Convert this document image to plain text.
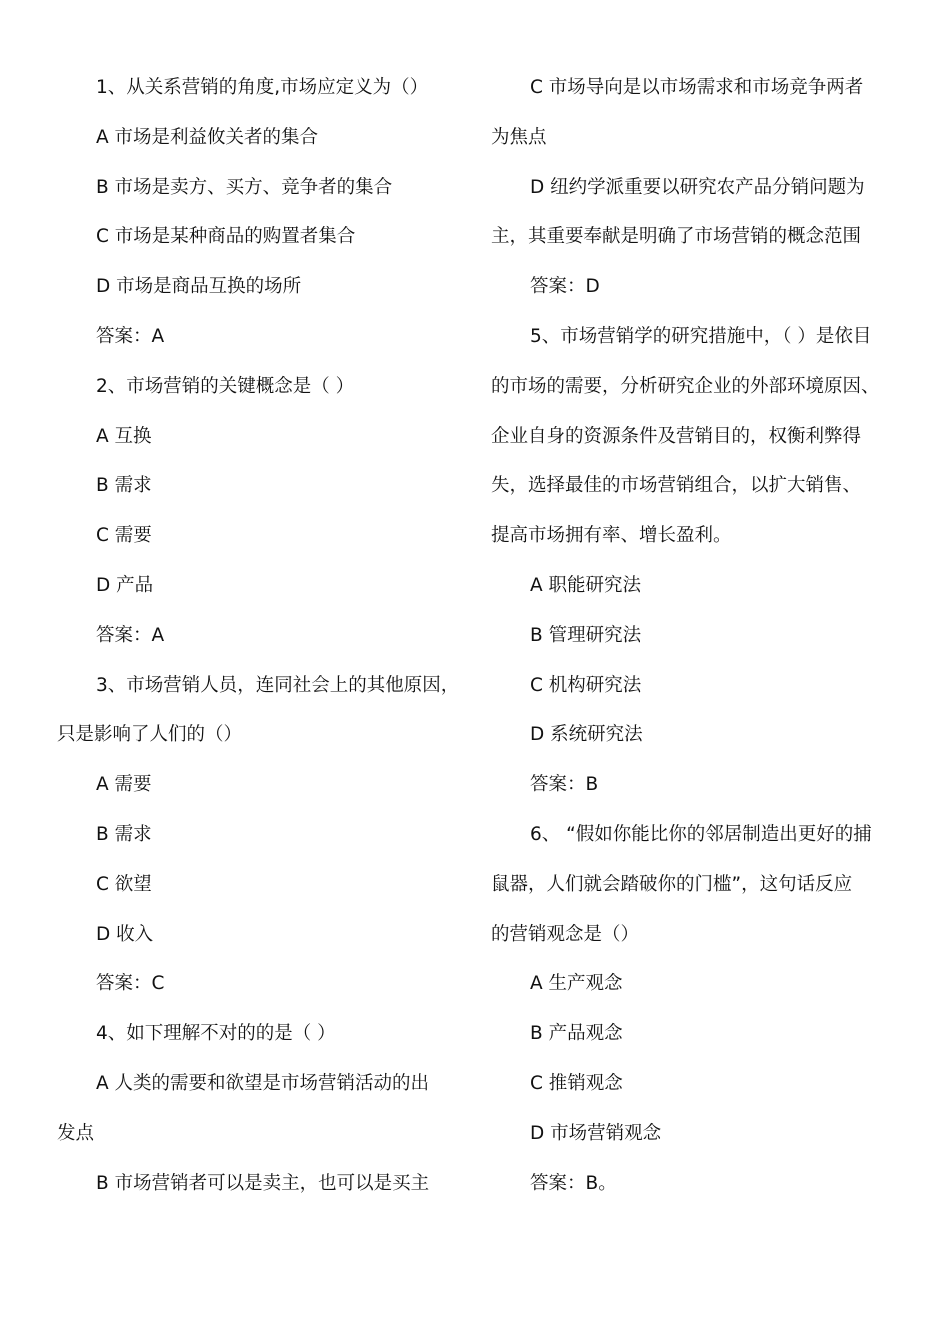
1、从关系营销的角度,市场应定义为（）
A 市场是利益攸关者的集合
B 市场是卖方、买方、竞争者的集合
C 市场是某种商品的购置者集合
D 市场是商品互换的场所
答案：A
2、市场营销的关键概念是（ ）
A 互换
B 需求
C 需要
D 产品
答案：A
3、市场营销人员，连同社会上的其他原因，
只是影响了人们的（）
A 需要
B 需求
C 欲望
D 收入
答案：C
4、如下理解不对的的是（ ）
A 人类的需要和欲望是市场营销活动的出
发点
B 市场营销者可以是卖主，也可以是买主
C 市场导向是以市场需求和市场竞争两者
为焦点
D 纽约学派重要以研究农产品分销问题为
主，其重要奉献是明确了市场营销的概念范围
答案：D
5、市场营销学的研究措施中，（ ）是依目
的市场的需要，分析研究企业的外部环境原因、
企业自身的资源条件及营销目的，权衡利弊得
失，选择最佳的市场营销组合，以扩大销售、
提高市场拥有率、增长盈利。
A 职能研究法
B 管理研究法
C 机构研究法
D 系统研究法
答案：B
6、 “假如你能比你的邻居制造出更好的捕
鼠器，人们就会踏破你的门槛”，这句话反应
的营销观念是（）
A 生产观念
B 产品观念
C 推销观念
D 市场营销观念
答案：B。
